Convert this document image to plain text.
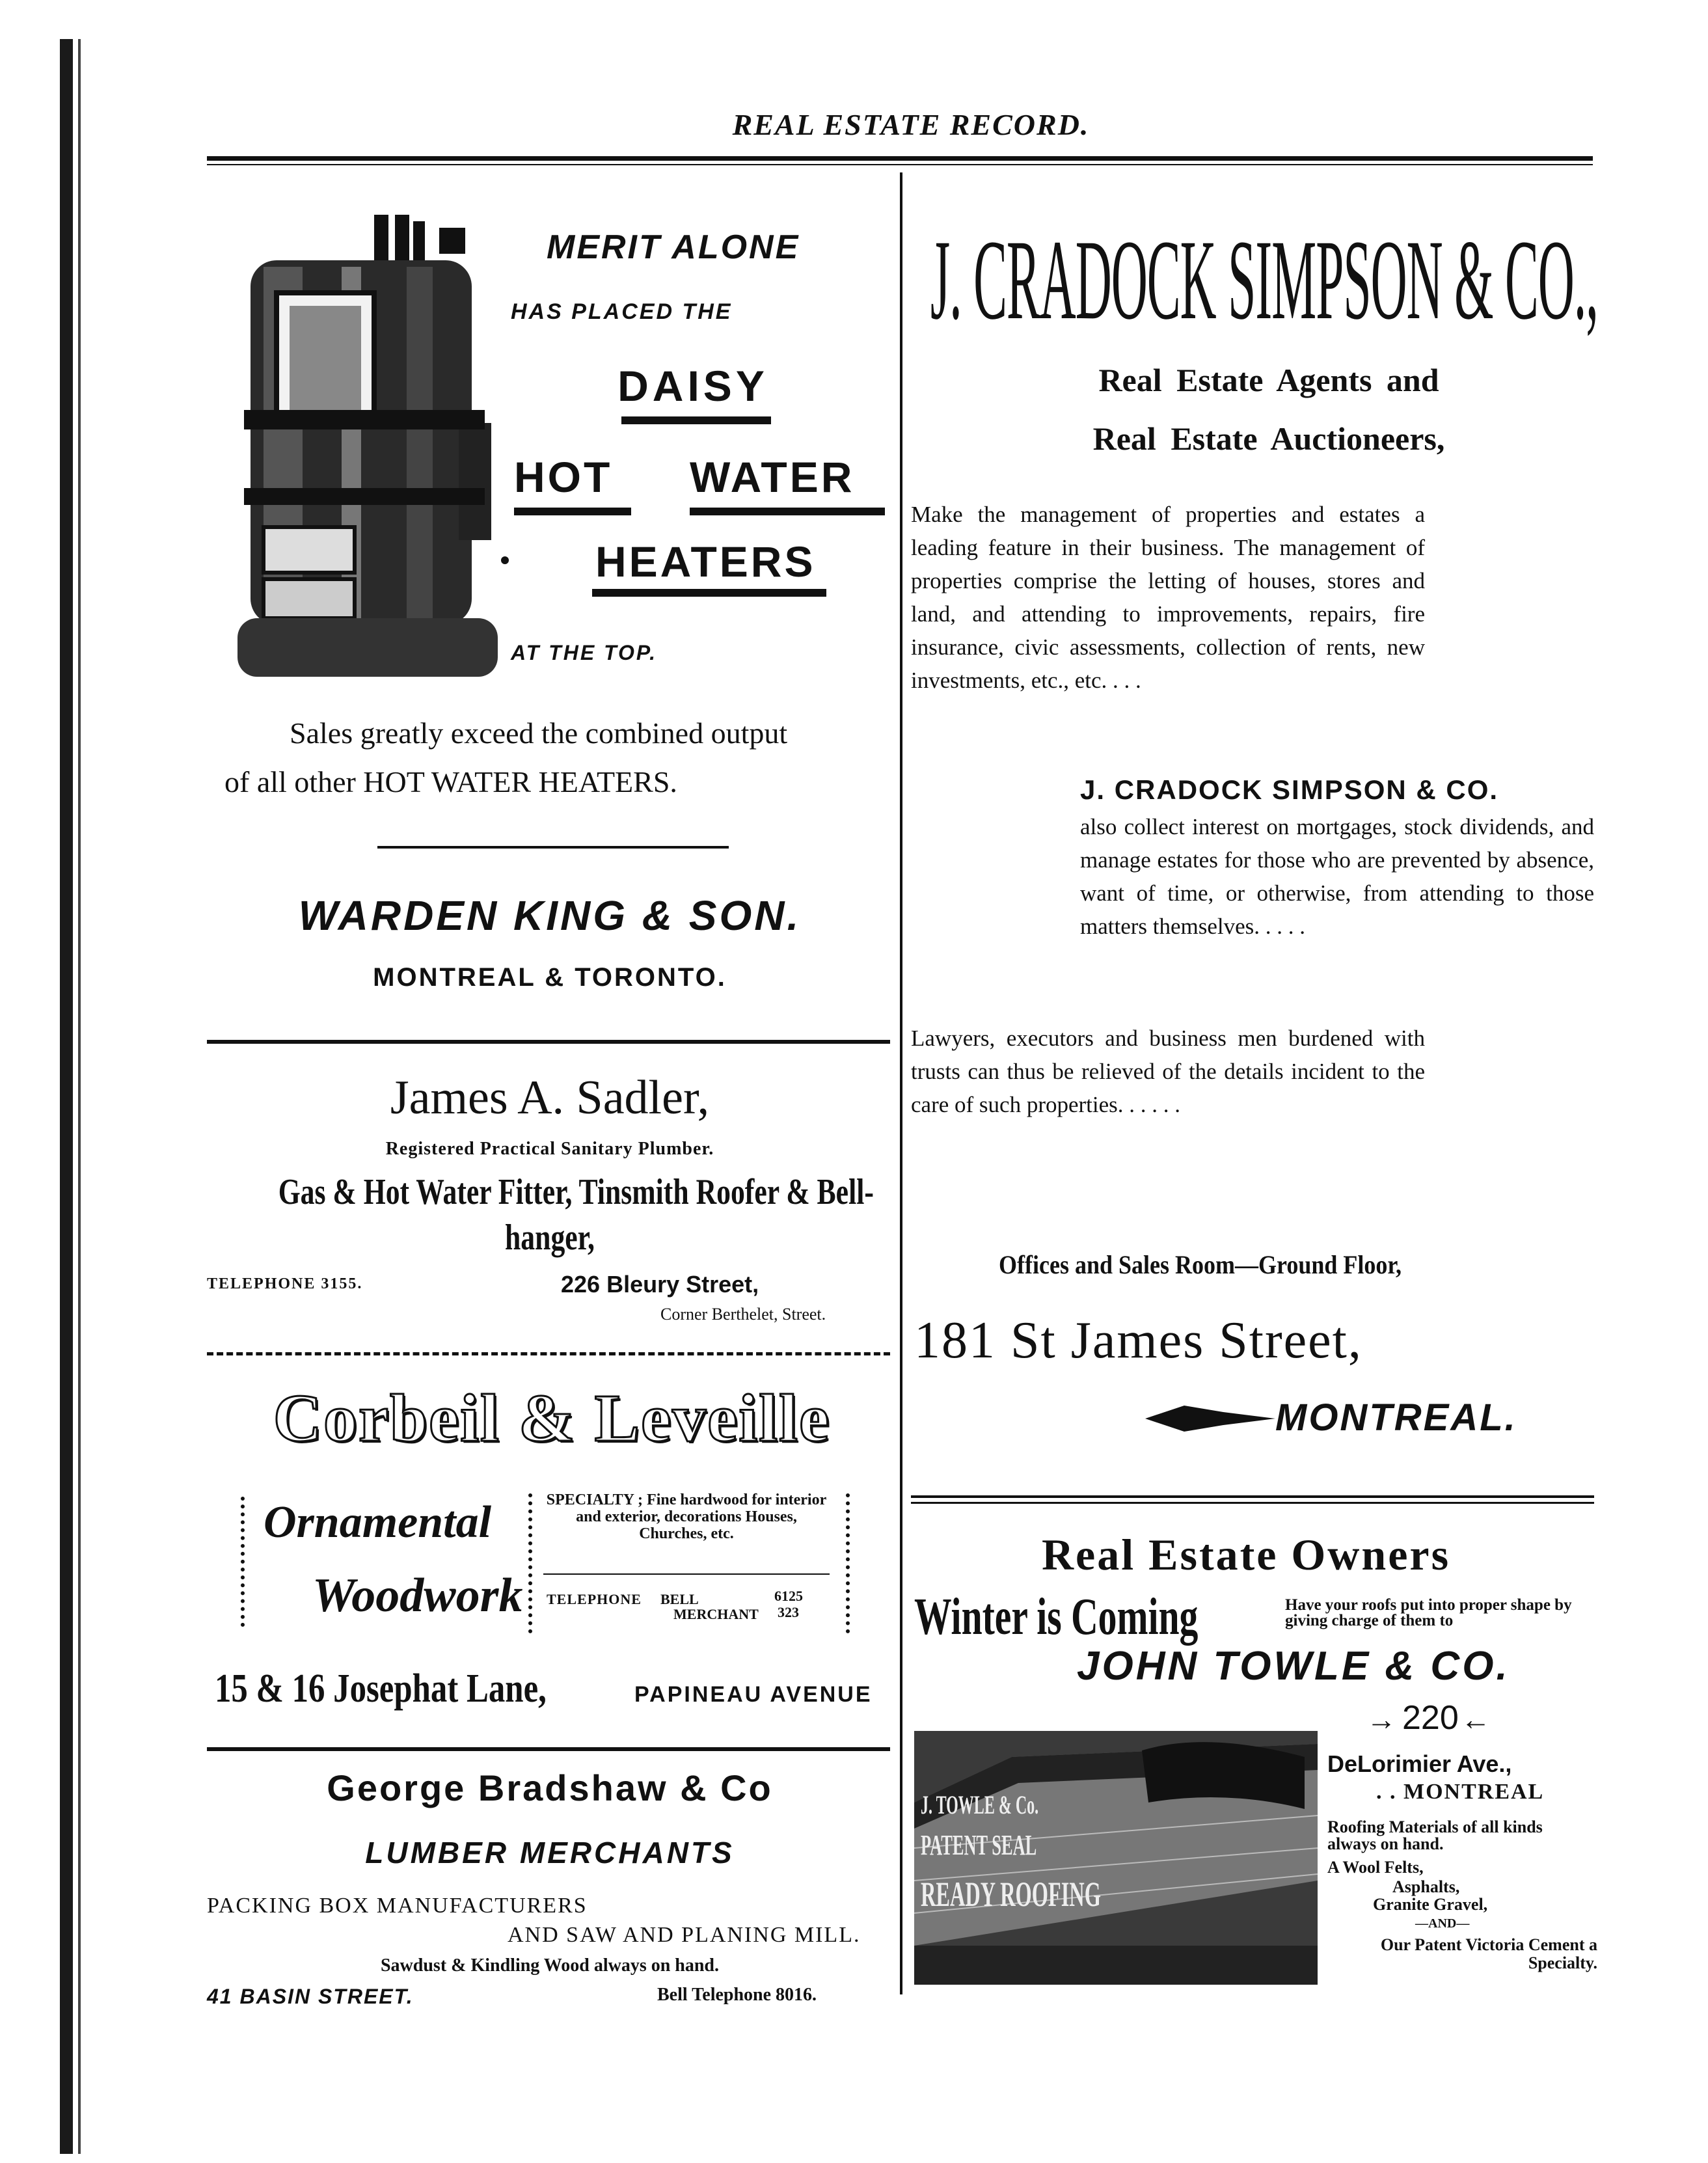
REAL ESTATE RECORD.
MERIT ALONE
HAS PLACED THE
DAISY
HOT WATER
HEATERS
AT THE TOP.
Sales greatly exceed the combined output
of all other HOT WATER HEATERS.
WARDEN KING & SON.
MONTREAL & TORONTO.
James A. Sadler,
Registered Practical Sanitary Plumber.
Gas & Hot Water Fitter, Tinsmith Roofer & Bell-
hanger,
TELEPHONE 3155.	226 Bleury Street,
Corner Berthelet, Street.
Corbeil & Leveille
Ornamental
Woodwork
SPECIALTY ; Fine hardwood for interior and exterior, decorations Houses, Churches, etc.
TELEPHONE BELL	6125
MERCHANT 323
15 & 16 Josephat Lane,	PAPINEAU AVENUE
George Bradshaw & Co
LUMBER MERCHANTS
PACKING BOX MANUFACTURERS
AND SAW AND PLANING MILL.
Sawdust & Kindling Wood always on hand.
41 BASIN STREET.	Bell Telephone 8016.
J. CRADOCK SIMPSON & CO.,
Real Estate Agents and
Real Estate Auctioneers,
Make the management of properties and estates a leading feature in their business. The management of properties comprise the letting of houses, stores and land, and attending to improvements, repairs, fire insurance, civic assessments, collection of rents, new investments, etc., etc. . . .
J. CRADOCK SIMPSON & CO.
also collect interest on mortgages, stock dividends, and manage estates for those who are prevented by absence, want of time, or otherwise, from attending to those matters themselves. . . . .
Lawyers, executors and business men burdened with trusts can thus be relieved of the details incident to the care of such properties. . . . . .
Offices and Sales Room—Ground Floor,
181 St James Street,
MONTREAL.
Real Estate Owners
Winter is Coming	Have your roofs put into proper shape by giving charge of them to
JOHN TOWLE & CO.
→ 220 ←
J. TOWLE & Co.
PATENT SEAL
READY ROOFING
DeLorimier Ave.,
. . MONTREAL
Roofing Materials of all kinds always on hand.
A Wool Felts,
Asphalts,
Granite Gravel,
—AND—
Our Patent Victoria Cement a Specialty.
